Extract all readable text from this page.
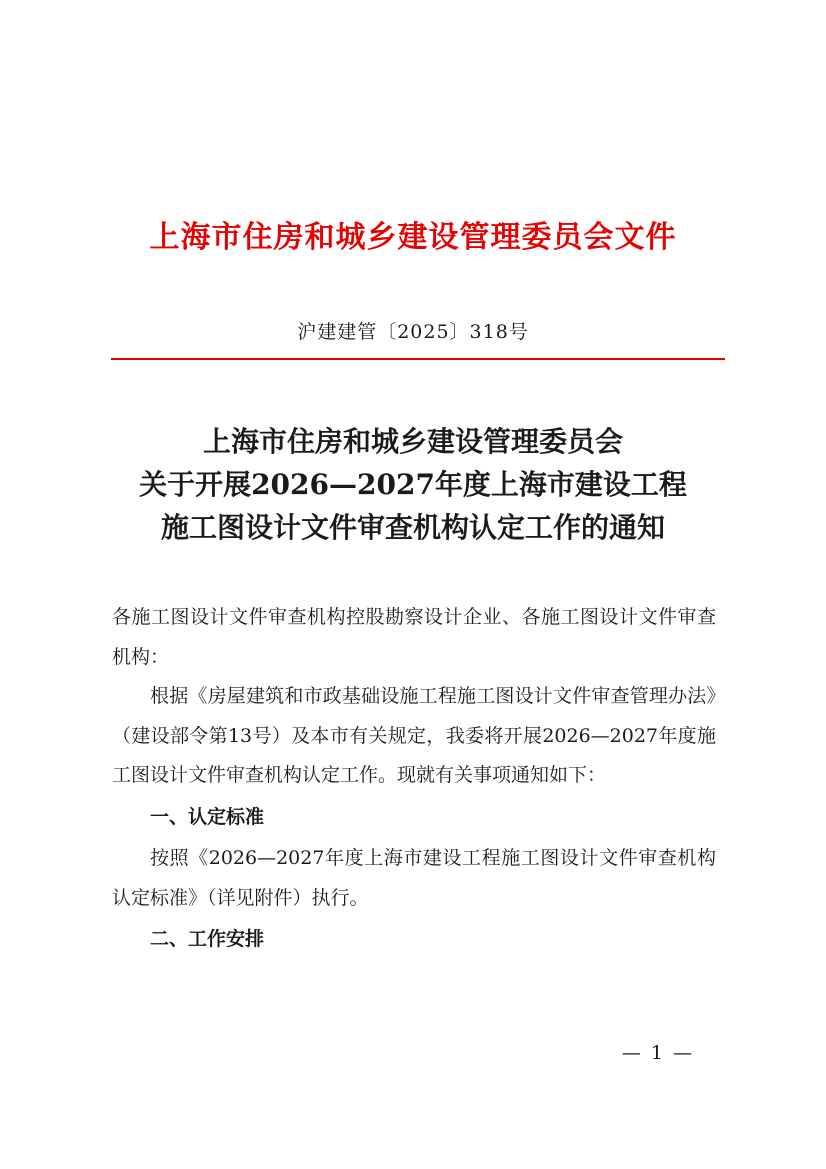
上海市住房和城乡建设管理委员会文件
沪建建管〔2025〕318号
上海市住房和城乡建设管理委员会
关于开展2026—2027年度上海市建设工程
施工图设计文件审查机构认定工作的通知

各施工图设计文件审查机构控股勘察设计企业、各施工图设计文件审查机构：

根据《房屋建筑和市政基础设施工程施工图设计文件审查管理办法》（建设部令第13号）及本市有关规定，我委将开展2026—2027年度施工图设计文件审查机构认定工作。现就有关事项通知如下：

一、认定标准

按照《2026—2027年度上海市建设工程施工图设计文件审查机构认定标准》（详见附件）执行。

二、工作安排

— 1 —
